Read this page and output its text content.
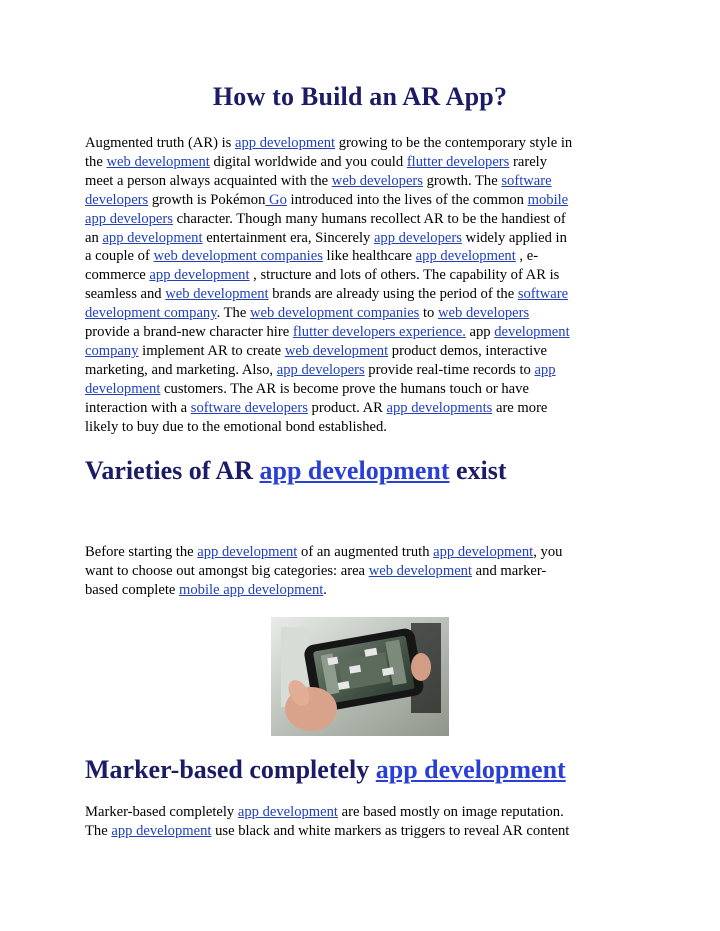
How to Build an AR App?
Augmented truth (AR) is app development growing to be the contemporary style in
the web development digital worldwide and you could flutter developers rarely
meet a person always acquainted with the web developers growth. The software
developers growth is Pokémon Go introduced into the lives of the common mobile
app developers character. Though many humans recollect AR to be the handiest of
an app development entertainment era, Sincerely app developers widely applied in
a couple of web development companies like healthcare app development , e-
commerce app development , structure and lots of others. The capability of AR is
seamless and web development brands are already using the period of the software
development company. The web development companies to web developers
provide a brand-new character hire flutter developers experience. app development
company implement AR to create web development product demos, interactive
marketing, and marketing. Also, app developers provide real-time records to app
development customers. The AR is become prove the humans touch or have
interaction with a software developers product. AR app developments are more
likely to buy due to the emotional bond established.
Varieties of AR app development exist
Before starting the app development of an augmented truth app development, you
want to choose out amongst big categories: area web development and marker-
based complete mobile app development.
Marker-based completely app development
Marker-based completely app development are based mostly on image reputation.
The app development use black and white markers as triggers to reveal AR content
